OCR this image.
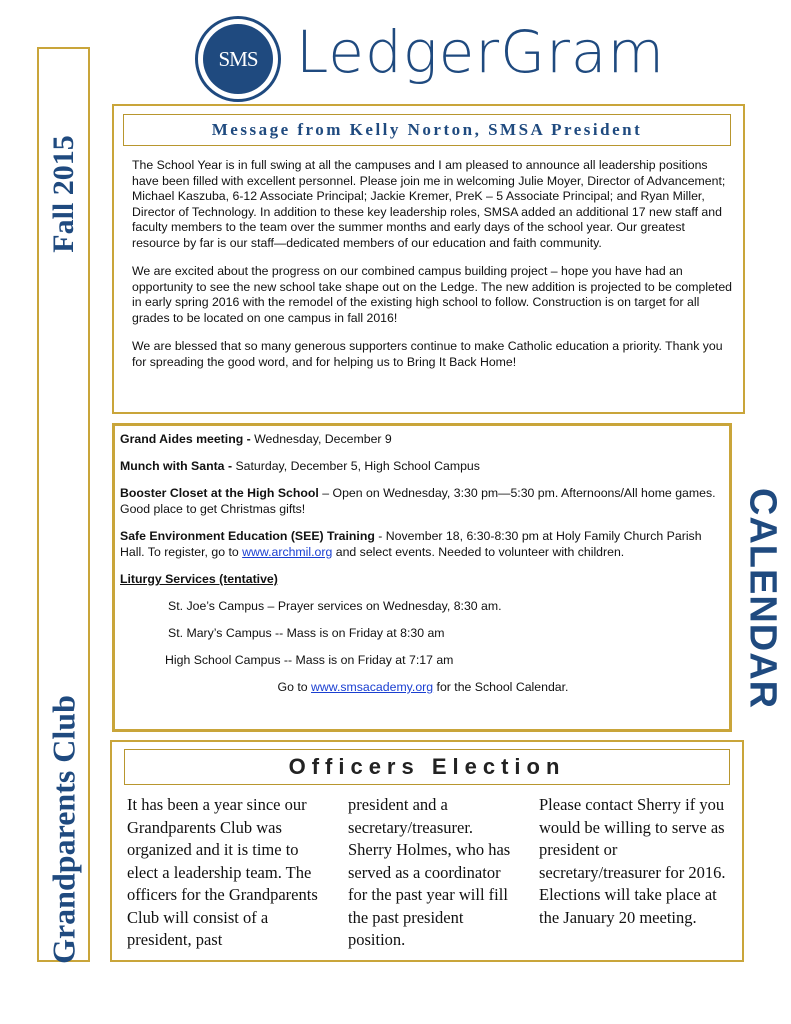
Fall 2015
Grandparents Club
SMS LedgerGram
Message from Kelly Norton, SMSA President

The School Year is in full swing at all the campuses and I am pleased to announce all leadership positions have been filled with excellent personnel. Please join me in welcoming Julie Moyer, Director of Advancement; Michael Kaszuba, 6-12 Associate Principal; Jackie Kremer, PreK – 5 Associate Principal; and Ryan Miller, Director of Technology. In addition to these key leadership roles, SMSA added an additional 17 new staff and faculty members to the team over the summer months and early days of the school year. Our greatest resource by far is our staff—dedicated members of our education and faith community.

We are excited about the progress on our combined campus building project – hope you have had an opportunity to see the new school take shape out on the Ledge. The new addition is projected to be completed in early spring 2016 with the remodel of the existing high school to follow. Construction is on target for all grades to be located on one campus in fall 2016!

We are blessed that so many generous supporters continue to make Catholic education a priority. Thank you for spreading the good word, and for helping us to Bring It Back Home!

Grand Aides meeting - Wednesday, December 9

Munch with Santa - Saturday, December 5, High School Campus

Booster Closet at the High School – Open on Wednesday, 3:30 pm—5:30 pm. Afternoons/All home games. Good place to get Christmas gifts!

Safe Environment Education (SEE) Training - November 18, 6:30-8:30 pm at Holy Family Church Parish Hall. To register, go to www.archmil.org and select events. Needed to volunteer with children.

Liturgy Services (tentative)

St. Joe’s Campus – Prayer services on Wednesday, 8:30 am.

St. Mary’s Campus -- Mass is on Friday at 8:30 am

High School Campus -- Mass is on Friday at 7:17 am

Go to www.smsacademy.org for the School Calendar.	CALENDAR
Officers Election
It has been a year since our Grandparents Club was organized and it is time to elect a leadership team. The officers for the Grandparents Club will consist of a president, past
president and a secretary/treasurer. Sherry Holmes, who has served as a coordinator for the past year will fill the past president position.
Please contact Sherry if you would be willing to serve as president or secretary/treasurer for 2016. Elections will take place at the January 20 meeting.
